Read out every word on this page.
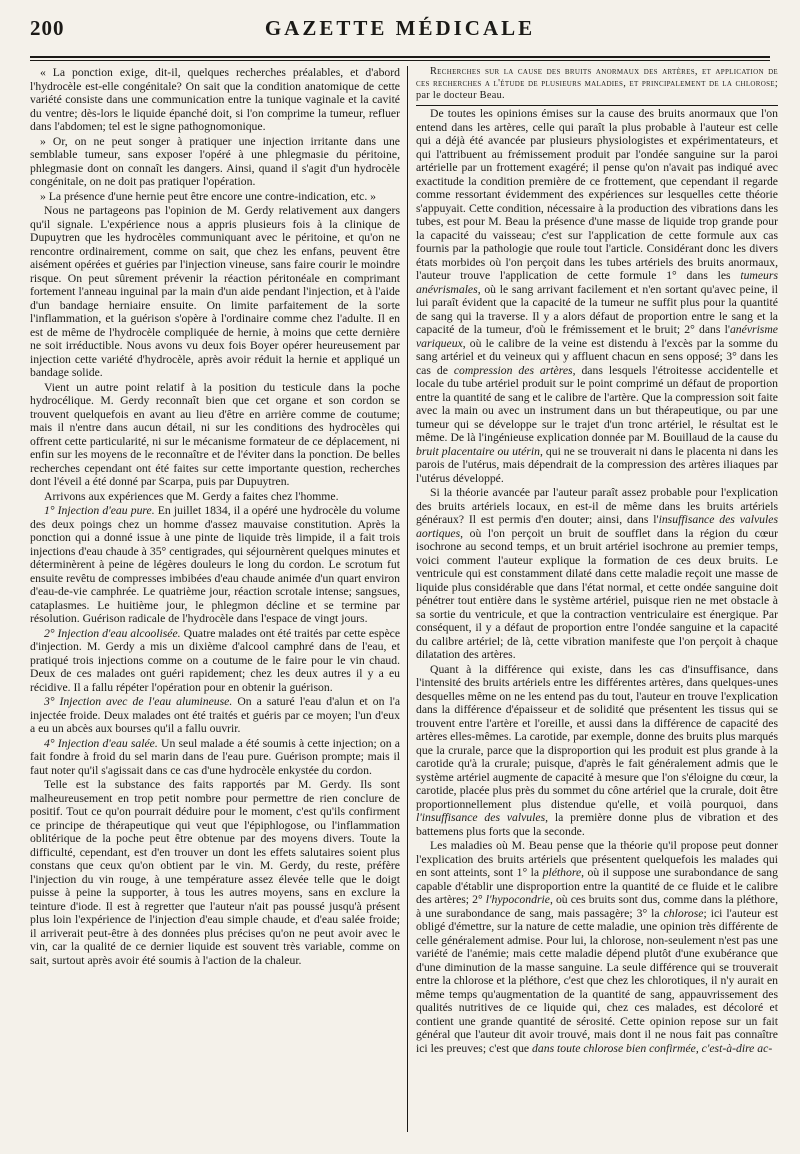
200	GAZETTE MÉDICALE

« La ponction exige, dit-il, quelques recherches préalables, et d'abord l'hydrocèle est-elle congénitale? On sait que la condition anatomique de cette variété consiste dans une communication entre la tunique vaginale et la cavité du ventre; dès-lors le liquide épanché doit, si l'on comprime la tumeur, refluer dans l'abdomen; tel est le signe pathognomonique.

» Or, on ne peut songer à pratiquer une injection irritante dans une semblable tumeur, sans exposer l'opéré à une phlegmasie du péritoine, phlegmasie dont on connaît les dangers. Ainsi, quand il s'agit d'un hydrocèle congénitale, on ne doit pas pratiquer l'opération.

» La présence d'une hernie peut être encore une contre-indication, etc. »

Nous ne partageons pas l'opinion de M. Gerdy relativement aux dangers qu'il signale. L'expérience nous a appris plusieurs fois à la clinique de Dupuytren que les hydrocèles communiquant avec le péritoine, et qu'on ne rencontre ordinairement, comme on sait, que chez les enfans, peuvent être aisément opérées et guéries par l'injection vineuse, sans faire courir le moindre risque. On peut sûrement prévenir la réaction péritonéale en comprimant fortement l'anneau inguinal par la main d'un aide pendant l'injection, et à l'aide d'un bandage herniaire ensuite. On limite parfaitement de la sorte l'inflammation, et la guérison s'opère à l'ordinaire comme chez l'adulte. Il en est de même de l'hydrocèle compliquée de hernie, à moins que cette dernière ne soit irréductible. Nous avons vu deux fois Boyer opérer heureusement par injection cette variété d'hydrocèle, après avoir réduit la hernie et appliqué un bandage solide.

Vient un autre point relatif à la position du testicule dans la poche hydrocélique. M. Gerdy reconnaît bien que cet organe et son cordon se trouvent quelquefois en avant au lieu d'être en arrière comme de coutume; mais il n'entre dans aucun détail, ni sur les conditions des hydrocèles qui offrent cette particularité, ni sur le mécanisme formateur de ce déplacement, ni enfin sur les moyens de le reconnaître et de l'éviter dans la ponction. De belles recherches cependant ont été faites sur cette importante question, recherches dont l'éveil a été donné par Scarpa, puis par Dupuytren.

Arrivons aux expériences que M. Gerdy a faites chez l'homme.

1° Injection d'eau pure. En juillet 1834, il a opéré une hydrocèle du volume des deux poings chez un homme d'assez mauvaise constitution. Après la ponction qui a donné issue à une pinte de liquide très limpide, il a fait trois injections d'eau chaude à 35° centigrades, qui séjournèrent quelques minutes et déterminèrent à peine de légères douleurs le long du cordon. Le scrotum fut ensuite revêtu de compresses imbibées d'eau chaude animée d'un quart environ d'eau-de-vie camphrée. Le quatrième jour, réaction scrotale intense; sangsues, cataplasmes. Le huitième jour, le phlegmon décline et se termine par résolution. Guérison radicale de l'hydrocèle dans l'espace de vingt jours.

2° Injection d'eau alcoolisée. Quatre malades ont été traités par cette espèce d'injection. M. Gerdy a mis un dixième d'alcool camphré dans de l'eau, et pratiqué trois injections comme on a coutume de le faire pour le vin chaud. Deux de ces malades ont guéri rapidement; chez les deux autres il y a eu récidive. Il a fallu répéter l'opération pour en obtenir la guérison.

3° Injection avec de l'eau alumineuse. On a saturé l'eau d'alun et on l'a injectée froide. Deux malades ont été traités et guéris par ce moyen; l'un d'eux a eu un abcès aux bourses qu'il a fallu ouvrir.

4° Injection d'eau salée. Un seul malade a été soumis à cette injection; on a fait fondre à froid du sel marin dans de l'eau pure. Guérison prompte; mais il faut noter qu'il s'agissait dans ce cas d'une hydrocèle enkystée du cordon.

Telle est la substance des faits rapportés par M. Gerdy. Ils sont malheureusement en trop petit nombre pour permettre de rien conclure de positif. Tout ce qu'on pourrait déduire pour le moment, c'est qu'ils confirment ce principe de thérapeutique qui veut que l'épiphlogose, ou l'inflammation oblitérique de la poche peut être obtenue par des moyens divers. Toute la difficulté, cependant, est d'en trouver un dont les effets salutaires soient plus constans que ceux qu'on obtient par le vin. M. Gerdy, du reste, préfère l'injection du vin rouge, à une température assez élevée telle que le doigt puisse à peine la supporter, à tous les autres moyens, sans en exclure la teinture d'iode. Il est à regretter que l'auteur n'ait pas poussé jusqu'à présent plus loin l'expérience de l'injection d'eau simple chaude, et d'eau salée froide; il arriverait peut-être à des données plus précises qu'on ne peut avoir avec le vin, car la qualité de ce dernier liquide est souvent très variable, comme on sait, surtout après avoir été soumis à l'action de la chaleur.

Recherches sur la cause des bruits anormaux des artères, et application de ces recherches a l'étude de plusieurs maladies, et principalement de la chlorose; par le docteur Beau.

De toutes les opinions émises sur la cause des bruits anormaux que l'on entend dans les artères, celle qui paraît la plus probable à l'auteur est celle qui a déjà été avancée par plusieurs physiologistes et expérimentateurs, et qui l'attribuent au frémissement produit par l'ondée sanguine sur la paroi artérielle par un frottement exagéré; il pense qu'on n'avait pas indiqué avec exactitude la condition première de ce frottement, que cependant il regarde comme ressortant évidemment des expériences sur lesquelles cette théorie s'appuyait. Cette condition, nécessaire à la production des vibrations dans les tubes, est pour M. Beau la présence d'une masse de liquide trop grande pour la capacité du vaisseau; c'est sur l'application de cette formule aux cas fournis par la pathologie que roule tout l'article. Considérant donc les divers états morbides où l'on perçoit dans les tubes artériels des bruits anormaux, l'auteur trouve l'application de cette formule 1° dans les tumeurs anévrismales, où le sang arrivant facilement et n'en sortant qu'avec peine, il lui paraît évident que la capacité de la tumeur ne suffit plus pour la quantité de sang qui la traverse. Il y a alors défaut de proportion entre le sang et la capacité de la tumeur, d'où le frémissement et le bruit; 2° dans l'anévrisme variqueux, où le calibre de la veine est distendu à l'excès par la somme du sang artériel et du veineux qui y affluent chacun en sens opposé; 3° dans les cas de compression des artères, dans lesquels l'étroitesse accidentelle et locale du tube artériel produit sur le point comprimé un défaut de proportion entre la quantité de sang et le calibre de l'artère. Que la compression soit faite avec la main ou avec un instrument dans un but thérapeutique, ou par une tumeur qui se développe sur le trajet d'un tronc artériel, le résultat est le même. De là l'ingénieuse explication donnée par M. Bouillaud de la cause du bruit placentaire ou utérin, qui ne se trouverait ni dans le placenta ni dans les parois de l'utérus, mais dépendrait de la compression des artères iliaques par l'utérus développé.

Si la théorie avancée par l'auteur paraît assez probable pour l'explication des bruits artériels locaux, en est-il de même dans les bruits artériels généraux? Il est permis d'en douter; ainsi, dans l'insuffisance des valvules aortiques, où l'on perçoit un bruit de soufflet dans la région du cœur isochrone au second temps, et un bruit artériel isochrone au premier temps, voici comment l'auteur explique la formation de ces deux bruits. Le ventricule qui est constamment dilaté dans cette maladie reçoit une masse de liquide plus considérable que dans l'état normal, et cette ondée sanguine doit pénétrer tout entière dans le système artériel, puisque rien ne met obstacle à sa sortie du ventricule, et que la contraction ventriculaire est énergique. Par conséquent, il y a défaut de proportion entre l'ondée sanguine et la capacité du calibre artériel; de là, cette vibration manifeste que l'on perçoit à chaque dilatation des artères.

Quant à la différence qui existe, dans les cas d'insuffisance, dans l'intensité des bruits artériels entre les différentes artères, dans quelques-unes desquelles même on ne les entend pas du tout, l'auteur en trouve l'explication dans la différence d'épaisseur et de solidité que présentent les tissus qui se trouvent entre l'artère et l'oreille, et aussi dans la différence de capacité des artères elles-mêmes. La carotide, par exemple, donne des bruits plus marqués que la crurale, parce que la disproportion qui les produit est plus grande à la carotide qu'à la crurale; puisque, d'après le fait généralement admis que le système artériel augmente de capacité à mesure que l'on s'éloigne du cœur, la carotide, placée plus près du sommet du cône artériel que la crurale, doit être proportionnellement plus distendue qu'elle, et voilà pourquoi, dans l'insuffisance des valvules, la première donne plus de vibration et des battemens plus forts que la seconde.

Les maladies où M. Beau pense que la théorie qu'il propose peut donner l'explication des bruits artériels que présentent quelquefois les malades qui en sont atteints, sont 1° la pléthore, où il suppose une surabondance de sang capable d'établir une disproportion entre la quantité de ce fluide et le calibre des artères; 2° l'hypocondrie, où ces bruits sont dus, comme dans la pléthore, à une surabondance de sang, mais passagère; 3° la chlorose; ici l'auteur est obligé d'émettre, sur la nature de cette maladie, une opinion très différente de celle généralement admise. Pour lui, la chlorose, non-seulement n'est pas une variété de l'anémie; mais cette maladie dépend plutôt d'une exubérance que d'une diminution de la masse sanguine. La seule différence qui se trouverait entre la chlorose et la pléthore, c'est que chez les chlorotiques, il n'y aurait en même temps qu'augmentation de la quantité de sang, appauvrissement des qualités nutritives de ce liquide qui, chez ces malades, est décoloré et contient une grande quantité de sérosité. Cette opinion repose sur un fait général que l'auteur dit avoir trouvé, mais dont il ne nous fait pas connaître ici les preuves; c'est que dans toute chlorose bien confirmée, c'est-à-dire ac-
